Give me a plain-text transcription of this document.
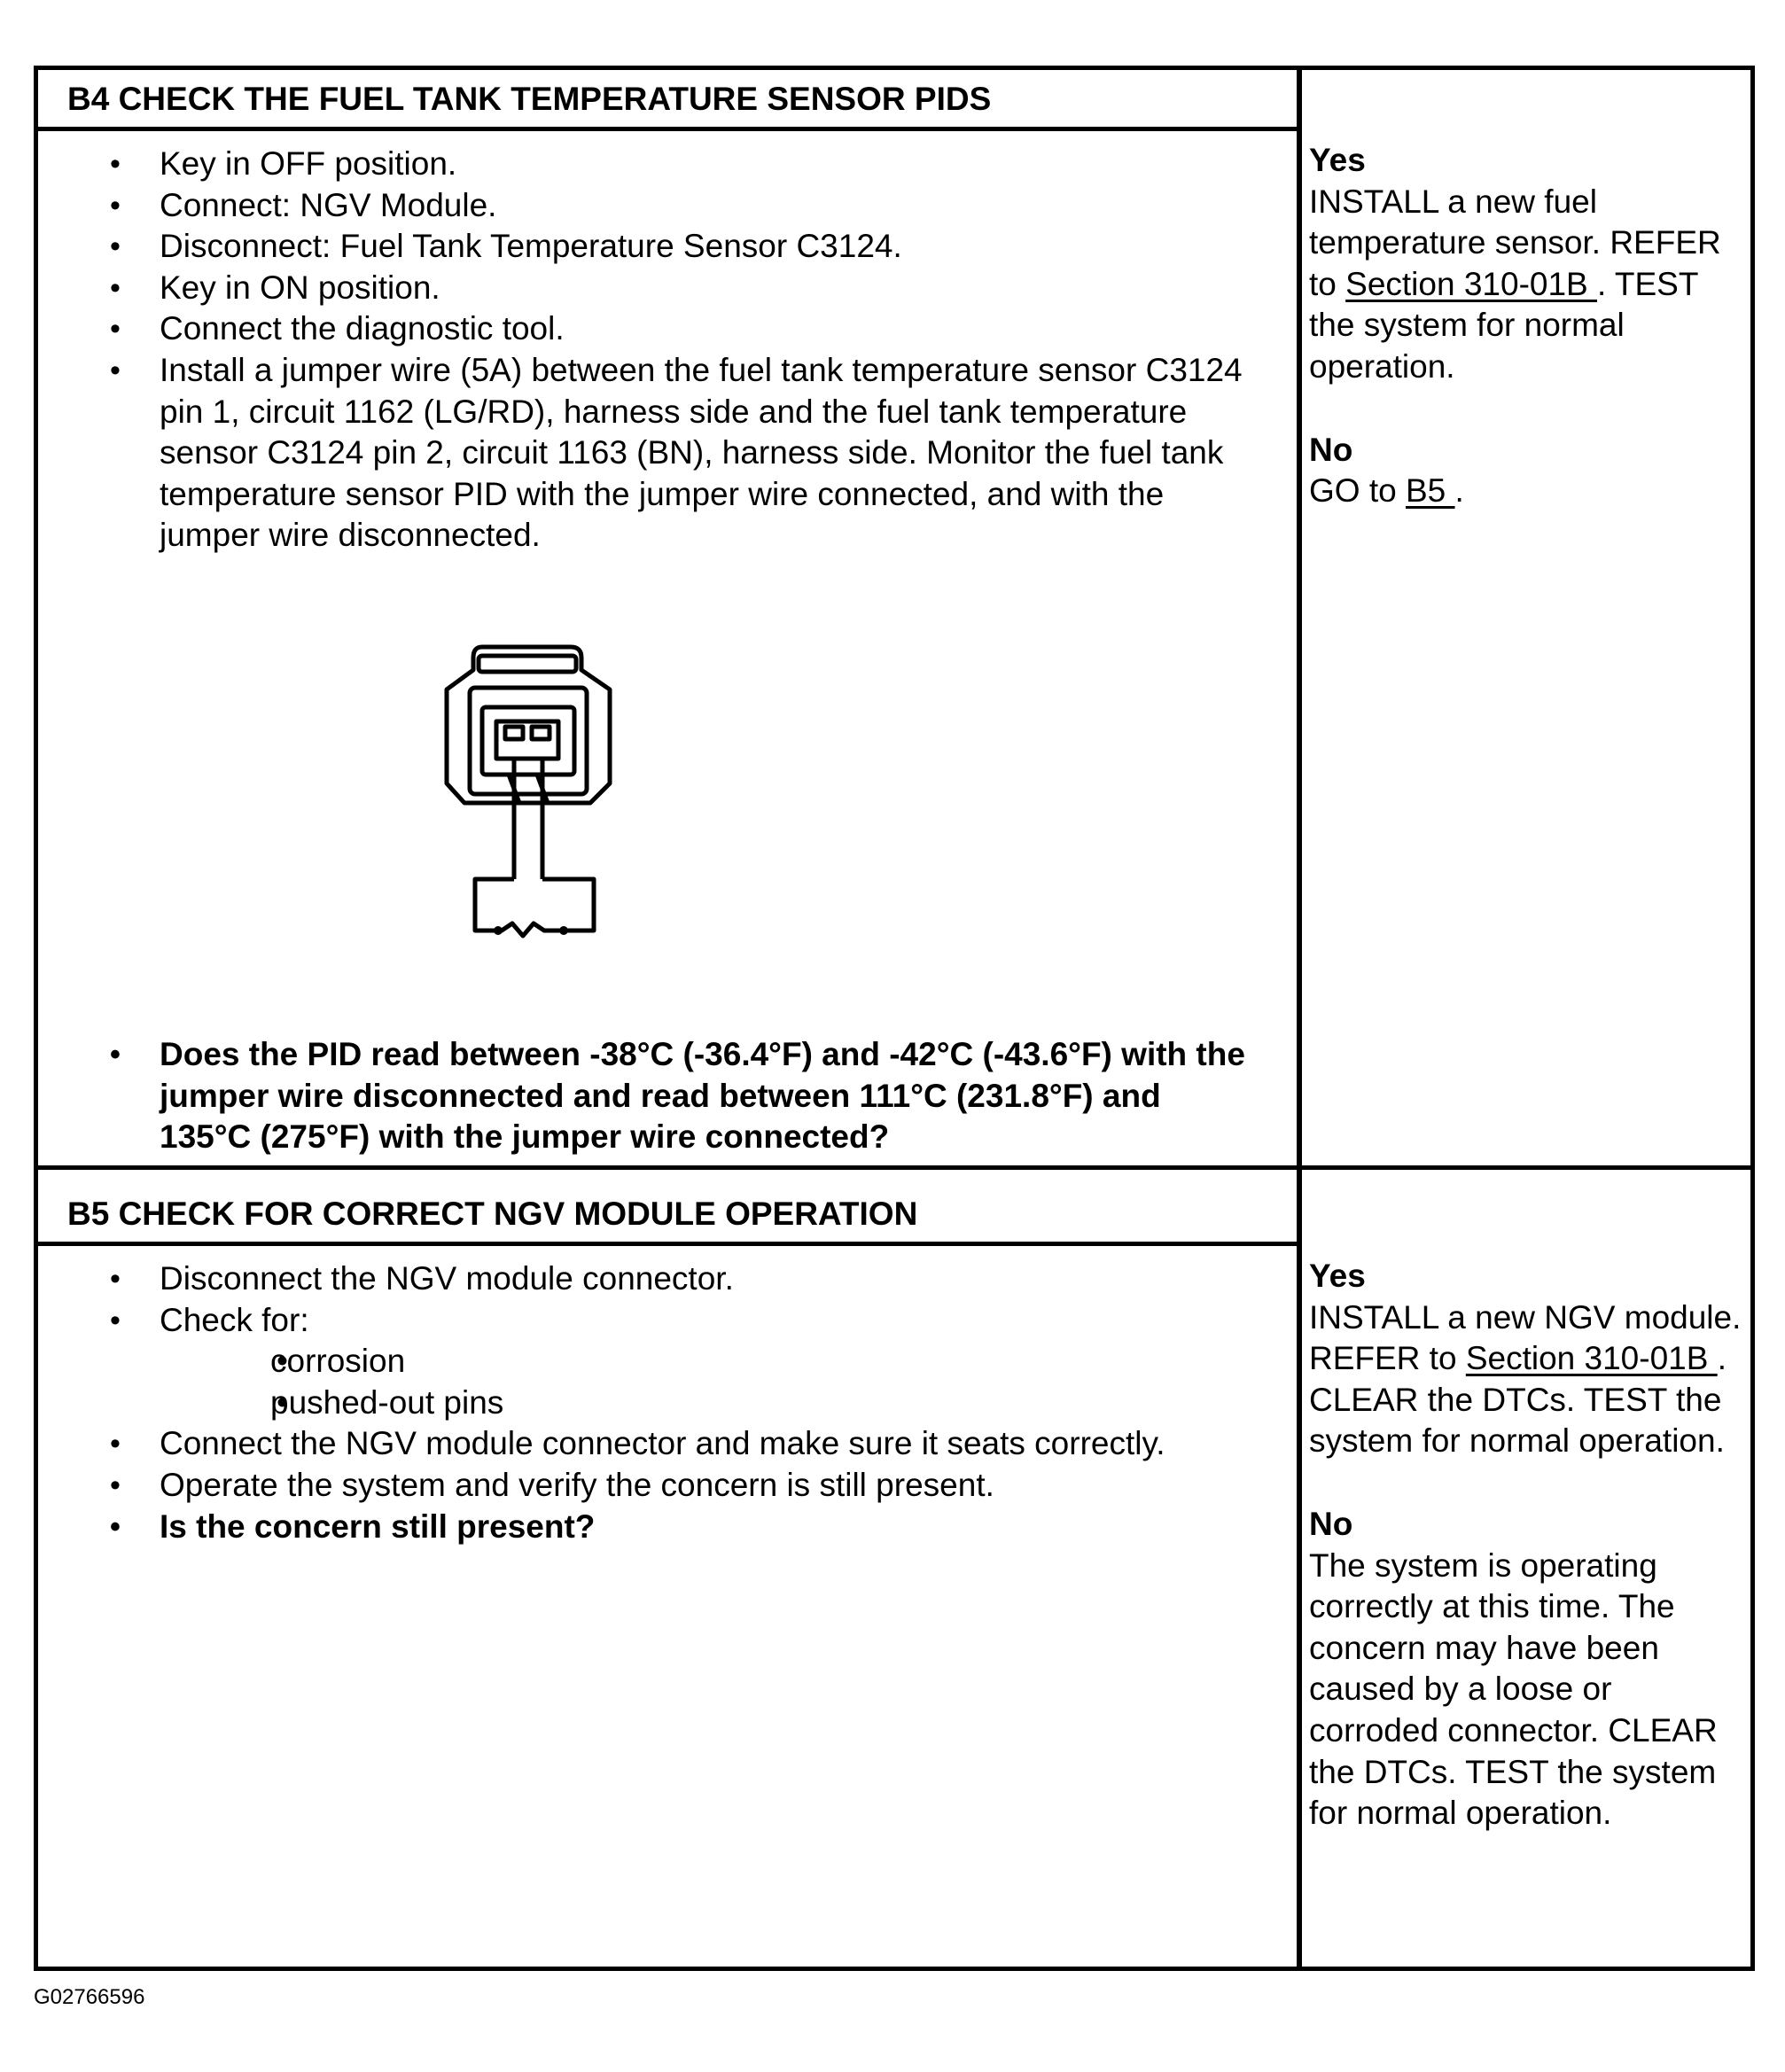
B4 CHECK THE FUEL TANK TEMPERATURE SENSOR PIDS
• Key in OFF position.
• Connect: NGV Module.
• Disconnect: Fuel Tank Temperature Sensor C3124.
• Key in ON position.
• Connect the diagnostic tool.
• Install a jumper wire (5A) between the fuel tank temperature sensor C3124 pin 1, circuit 1162 (LG/RD), harness side and the fuel tank temperature sensor C3124 pin 2, circuit 1163 (BN), harness side. Monitor the fuel tank temperature sensor PID with the jumper wire connected, and with the jumper wire disconnected.
• Does the PID read between -38°C (-36.4°F) and -42°C (-43.6°F) with the jumper wire disconnected and read between 111°C (231.8°F) and 135°C (275°F) with the jumper wire connected?
Yes
INSTALL a new fuel temperature sensor. REFER to Section 310-01B . TEST the system for normal operation.
No
GO to B5 .
B5 CHECK FOR CORRECT NGV MODULE OPERATION
• Disconnect the NGV module connector.
• Check for:
• corrosion
• pushed-out pins
• Connect the NGV module connector and make sure it seats correctly.
• Operate the system and verify the concern is still present.
• Is the concern still present?
Yes
INSTALL a new NGV module. REFER to Section 310-01B . CLEAR the DTCs. TEST the system for normal operation.
No
The system is operating correctly at this time. The concern may have been caused by a loose or corroded connector. CLEAR the DTCs. TEST the system for normal operation.
G02766596
